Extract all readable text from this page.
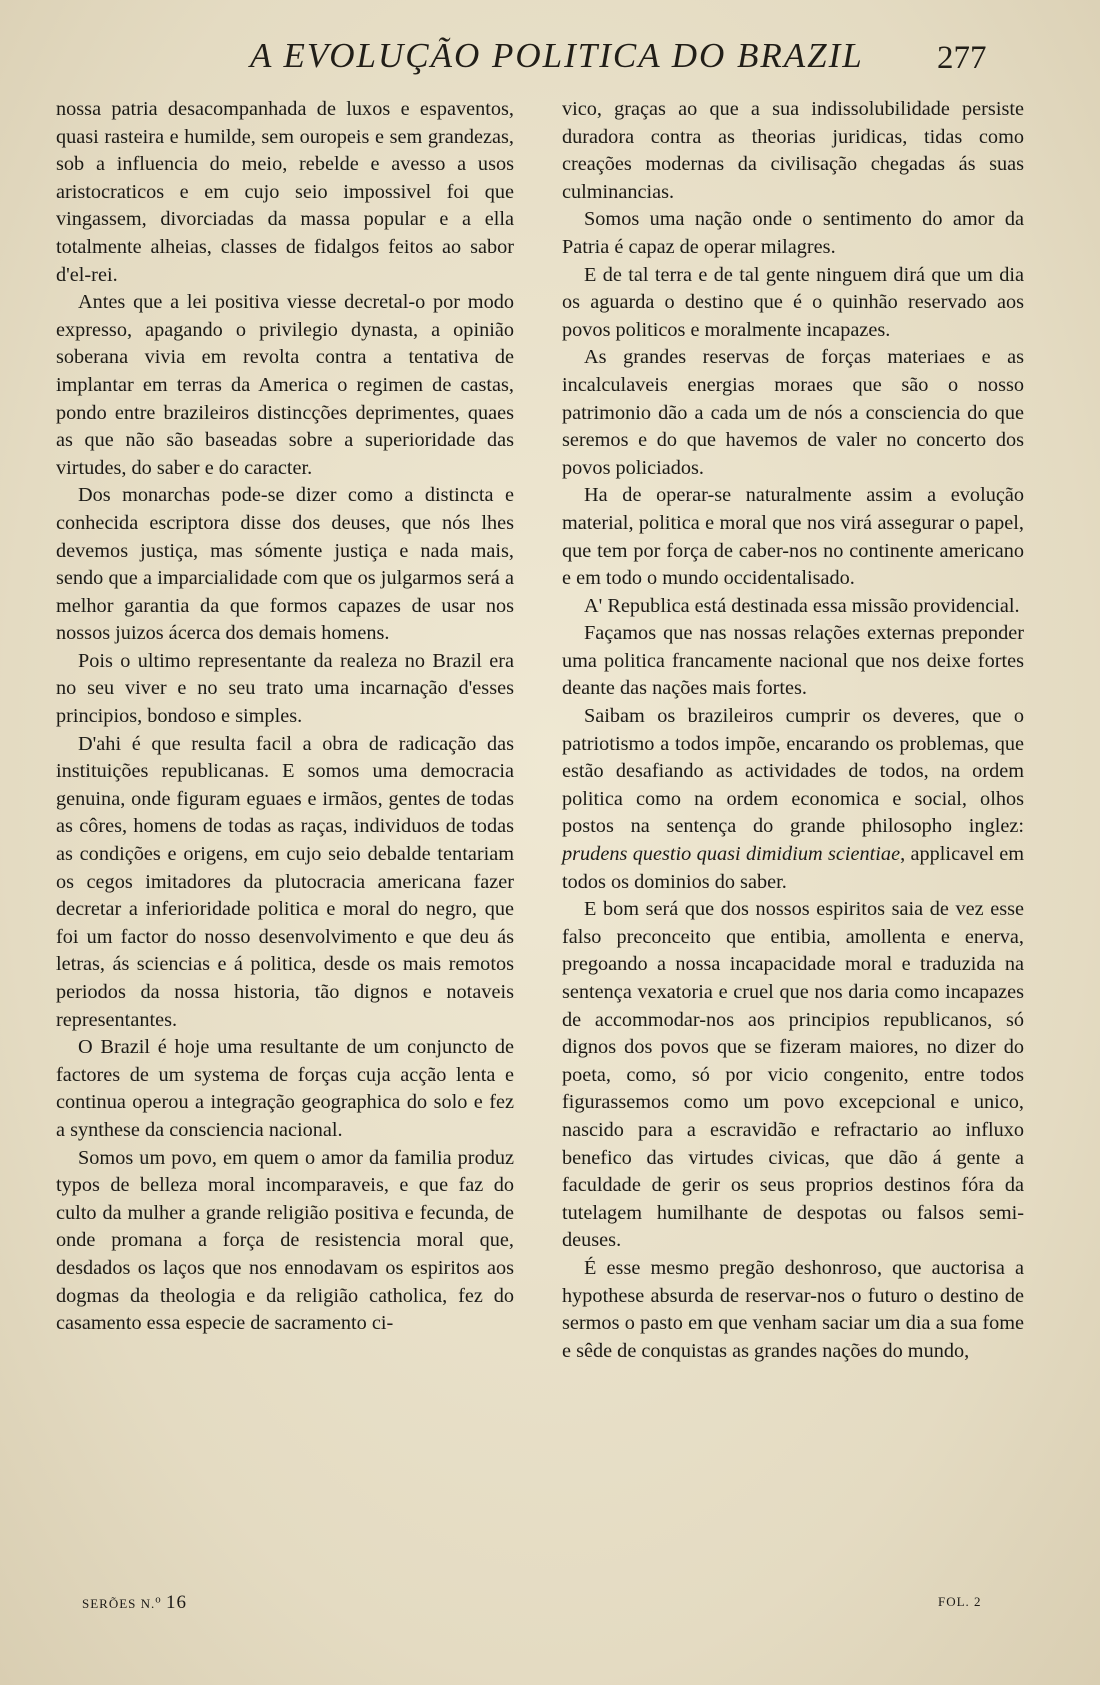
A EVOLUÇÃO POLITICA DO BRAZIL 277

nossa patria desacompanhada de luxos e espaventos, quasi rasteira e humilde, sem ouropeis e sem grandezas, sob a influencia do meio, rebelde e avesso a usos aristocraticos e em cujo seio impossivel foi que vingassem, divorciadas da massa popular e a ella totalmente alheias, classes de fidalgos feitos ao sabor d'el-rei.

Antes que a lei positiva viesse decretal-o por modo expresso, apagando o privilegio dynasta, a opinião soberana vivia em revolta contra a tentativa de implantar em terras da America o regimen de castas, pondo entre brazileiros distincções deprimentes, quaes as que não são baseadas sobre a superioridade das virtudes, do saber e do caracter.

Dos monarchas pode-se dizer como a distincta e conhecida escriptora disse dos deuses, que nós lhes devemos justiça, mas sómente justiça e nada mais, sendo que a imparcialidade com que os julgarmos será a melhor garantia da que formos capazes de usar nos nossos juizos ácerca dos demais homens.

Pois o ultimo representante da realeza no Brazil era no seu viver e no seu trato uma incarnação d'esses principios, bondoso e simples.

D'ahi é que resulta facil a obra de radicação das instituições republicanas. E somos uma democracia genuina, onde figuram eguaes e irmãos, gentes de todas as côres, homens de todas as raças, individuos de todas as condições e origens, em cujo seio debalde tentariam os cegos imitadores da plutocracia americana fazer decretar a inferioridade politica e moral do negro, que foi um factor do nosso desenvolvimento e que deu ás letras, ás sciencias e á politica, desde os mais remotos periodos da nossa historia, tão dignos e notaveis representantes.

O Brazil é hoje uma resultante de um conjuncto de factores de um systema de forças cuja acção lenta e continua operou a integração geographica do solo e fez a synthese da consciencia nacional.

Somos um povo, em quem o amor da familia produz typos de belleza moral incomparaveis, e que faz do culto da mulher a grande religião positiva e fecunda, de onde promana a força de resistencia moral que, desdados os laços que nos ennodavam os espiritos aos dogmas da theologia e da religião catholica, fez do casamento essa especie de sacramento ci-

vico, graças ao que a sua indissolubilidade persiste duradora contra as theorias juridicas, tidas como creações modernas da civilisação chegadas ás suas culminancias.

Somos uma nação onde o sentimento do amor da Patria é capaz de operar milagres.

E de tal terra e de tal gente ninguem dirá que um dia os aguarda o destino que é o quinhão reservado aos povos politicos e moralmente incapazes.

As grandes reservas de forças materiaes e as incalculaveis energias moraes que são o nosso patrimonio dão a cada um de nós a consciencia do que seremos e do que havemos de valer no concerto dos povos policiados.

Ha de operar-se naturalmente assim a evolução material, politica e moral que nos virá assegurar o papel, que tem por força de caber-nos no continente americano e em todo o mundo occidentalisado.

A' Republica está destinada essa missão providencial.

Façamos que nas nossas relações externas preponder uma politica francamente nacional que nos deixe fortes deante das nações mais fortes.

Saibam os brazileiros cumprir os deveres, que o patriotismo a todos impõe, encarando os problemas, que estão desafiando as actividades de todos, na ordem politica como na ordem economica e social, olhos postos na sentença do grande philosopho inglez: prudens questio quasi dimidium scientiae, applicavel em todos os dominios do saber.

E bom será que dos nossos espiritos saia de vez esse falso preconceito que entibia, amollenta e enerva, pregoando a nossa incapacidade moral e traduzida na sentença vexatoria e cruel que nos daria como incapazes de accommodar-nos aos principios republicanos, só dignos dos povos que se fizeram maiores, no dizer do poeta, como, só por vicio congenito, entre todos figurassemos como um povo excepcional e unico, nascido para a escravidão e refractario ao influxo benefico das virtudes civicas, que dão á gente a faculdade de gerir os seus proprios destinos fóra da tutelagem humilhante de despotas ou falsos semi-deuses.

É esse mesmo pregão deshonroso, que auctorisa a hypothese absurda de reservar-nos o futuro o destino de sermos o pasto em que venham saciar um dia a sua fome e sêde de conquistas as grandes nações do mundo,

SERÕES N.$^o$ 16	FOL. 2
